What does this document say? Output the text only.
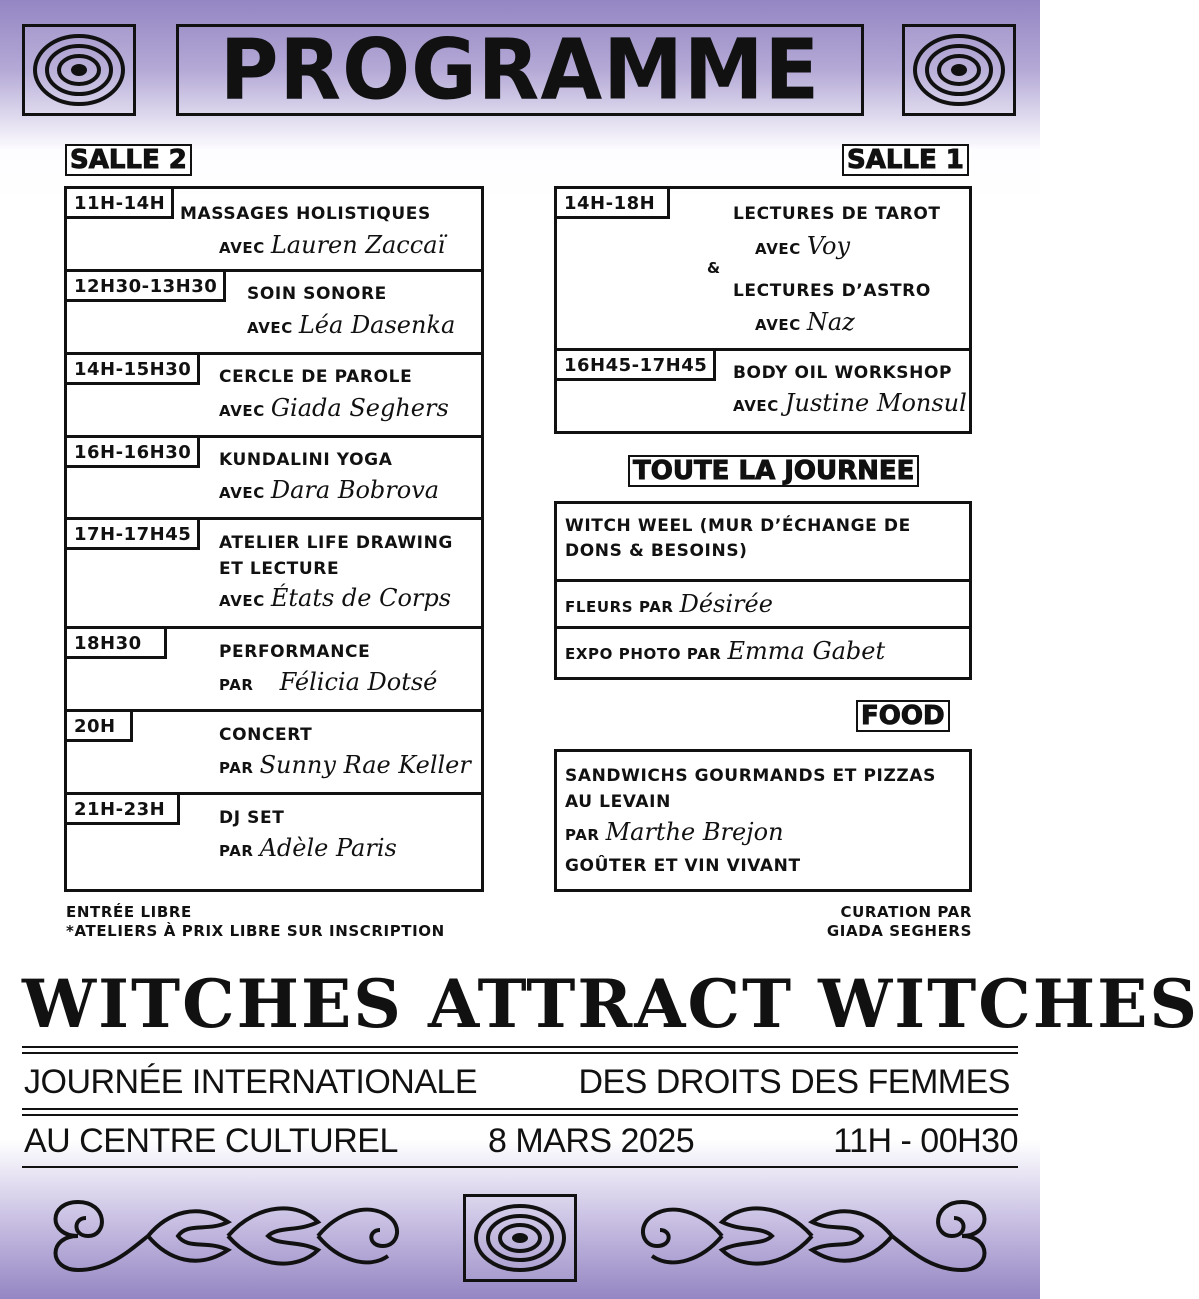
PROGRAMME
SALLE 2
11H-14H MASSAGES HOLISTIQUES
AVEC Lauren Zaccaï
12H30-13H30	SOIN SONORE
AVEC Léa Dasenka
14H-15H30	CERCLE DE PAROLE
AVEC Giada Seghers
16H-16H30	KUNDALINI YOGA
AVEC Dara Bobrova
17H-17H45	ATELIER LIFE DRAWING
ET LECTURE
AVEC États de Corps
18H30	PERFORMANCE
PAR Félicia Dotsé
20H	CONCERT
PAR Sunny Rae Keller
21H-23H	DJ SET
PAR Adèle Paris
SALLE 1
14H-18H	LECTURES DE TAROT
AVEC Voy
&
LECTURES D’ASTRO
AVEC Naz
16H45-17H45	BODY OIL WORKSHOP
AVEC Justine Monsul
TOUTE LA JOURNEE
WITCH WEEL (MUR D’ÉCHANGE DE
DONS & BESOINS)
FLEURS PAR Désirée
EXPO PHOTO PAR Emma Gabet
FOOD
SANDWICHS GOURMANDS ET PIZZAS
AU LEVAIN
PAR Marthe Brejon
GOÛTER ET VIN VIVANT
ENTRÉE LIBRE
*ATELIERS À PRIX LIBRE SUR INSCRIPTION
CURATION PAR
GIADA SEGHERS
WITCHES ATTRACT WITCHES
JOURNÉE INTERNATIONALE	DES DROITS DES FEMMES
AU CENTRE CULTUREL	8 MARS 2025	11H - 00H30
